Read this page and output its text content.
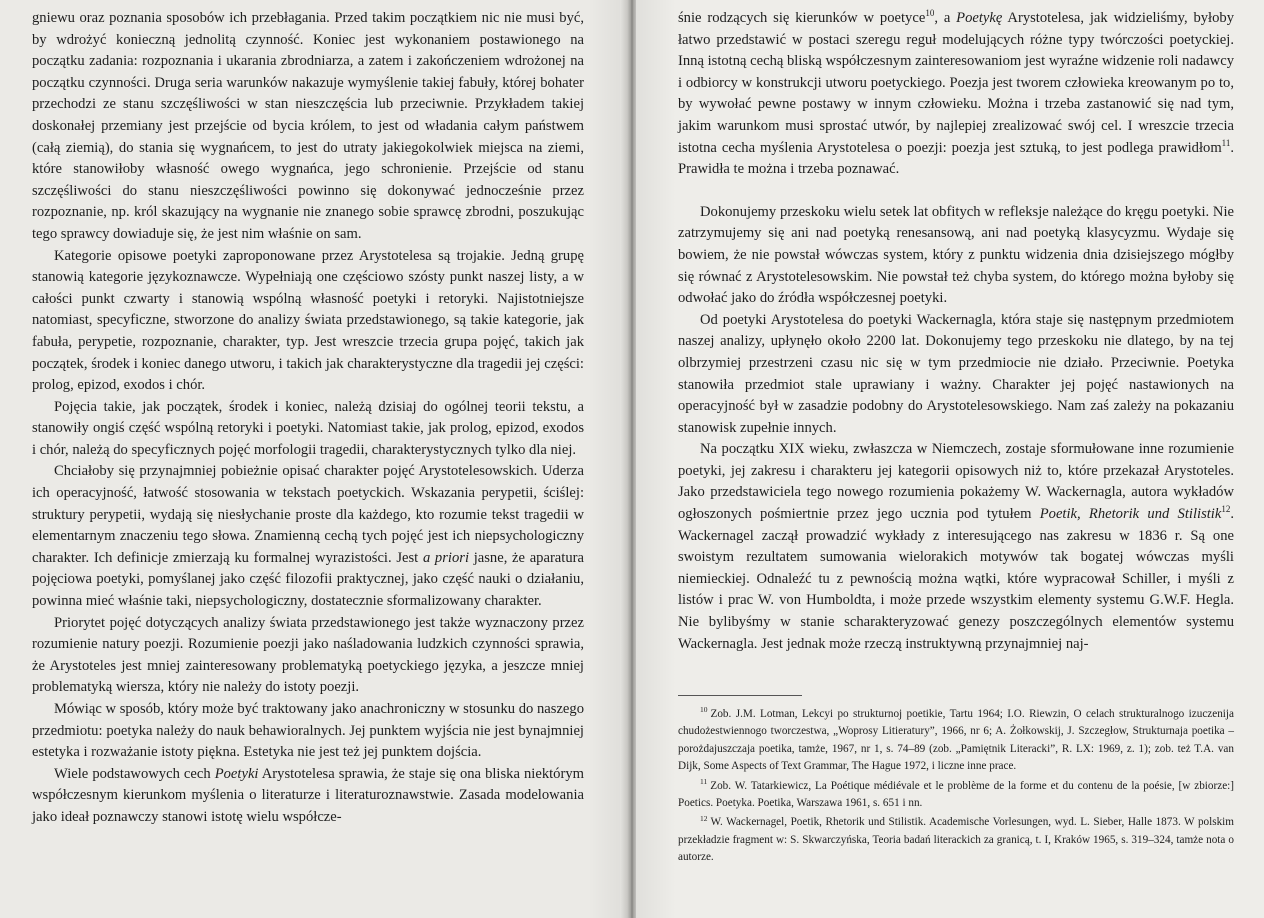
gniewu oraz poznania sposobów ich przebłagania. Przed takim początkiem nic nie musi być, by wdrożyć konieczną jednolitą czynność. Koniec jest wykonaniem postawionego na początku zadania: rozpoznania i ukarania zbrodniarza, a zatem i zakończeniem wdrożonej na początku czynności. Druga seria warunków nakazuje wymyślenie takiej fabuły, której bohater przechodzi ze stanu szczęśliwości w stan nieszczęścia lub przeciwnie. Przykładem takiej doskonałej przemiany jest przejście od bycia królem, to jest od władania całym państwem (całą ziemią), do stania się wygnańcem, to jest do utraty jakiegokolwiek miejsca na ziemi, które stanowiłoby własność owego wygnańca, jego schronienie. Przejście od stanu szczęśliwości do stanu nieszczęśliwości powinno się dokonywać jednocześnie przez rozpoznanie, np. król skazujący na wygnanie nie znanego sobie sprawcę zbrodni, poszukując tego sprawcy dowiaduje się, że jest nim właśnie on sam.

Kategorie opisowe poetyki zaproponowane przez Arystotelesa są trojakie. Jedną grupę stanowią kategorie językoznawcze. Wypełniają one częściowo szósty punkt naszej listy, a w całości punkt czwarty i stanowią wspólną własność poetyki i retoryki. Najistotniejsze natomiast, specyficzne, stworzone do analizy świata przedstawionego, są takie kategorie, jak fabuła, perypetie, rozpoznanie, charakter, typ. Jest wreszcie trzecia grupa pojęć, takich jak początek, środek i koniec danego utworu, i takich jak charakterystyczne dla tragedii jej części: prolog, epizod, exodos i chór.

Pojęcia takie, jak początek, środek i koniec, należą dzisiaj do ogólnej teorii tekstu, a stanowiły ongiś część wspólną retoryki i poetyki. Natomiast takie, jak prolog, epizod, exodos i chór, należą do specyficznych pojęć morfologii tragedii, charakterystycznych tylko dla niej.

Chciałoby się przynajmniej pobieżnie opisać charakter pojęć Arystotelesowskich. Uderza ich operacyjność, łatwość stosowania w tekstach poetyckich. Wskazania perypetii, ściślej: struktury perypetii, wydają się niesłychanie proste dla każdego, kto rozumie tekst tragedii w elementarnym znaczeniu tego słowa. Znamienną cechą tych pojęć jest ich niepsychologiczny charakter. Ich definicje zmierzają ku formalnej wyrazistości. Jest a priori jasne, że aparatura pojęciowa poetyki, pomyślanej jako część filozofii praktycznej, jako część nauki o działaniu, powinna mieć właśnie taki, niepsychologiczny, dostatecznie sformalizowany charakter.

Priorytet pojęć dotyczących analizy świata przedstawionego jest także wyznaczony przez rozumienie natury poezji. Rozumienie poezji jako naśladowania ludzkich czynności sprawia, że Arystoteles jest mniej zainteresowany problematyką poetyckiego języka, a jeszcze mniej problematyką wiersza, który nie należy do istoty poezji.

Mówiąc w sposób, który może być traktowany jako anachroniczny w stosunku do naszego przedmiotu: poetyka należy do nauk behawioralnych. Jej punktem wyjścia nie jest bynajmniej estetyka i rozważanie istoty piękna. Estetyka nie jest też jej punktem dojścia.

Wiele podstawowych cech Poetyki Arystotelesa sprawia, że staje się ona bliska niektórym współczesnym kierunkom myślenia o literaturze i literaturoznawstwie. Zasada modelowania jako ideał poznawczy stanowi istotę wielu współcze-

śnie rodzących się kierunków w poetyce$^{10}$, a Poetykę Arystotelesa, jak widzieliśmy, byłoby łatwo przedstawić w postaci szeregu reguł modelujących różne typy twórczości poetyckiej. Inną istotną cechą bliską współczesnym zainteresowaniom jest wyraźne widzenie roli nadawcy i odbiorcy w konstrukcji utworu poetyckiego. Poezja jest tworem człowieka kreowanym po to, by wywołać pewne postawy w innym człowieku. Można i trzeba zastanowić się nad tym, jakim warunkom musi sprostać utwór, by najlepiej zrealizować swój cel. I wreszcie trzecia istotna cecha myślenia Arystotelesa o poezji: poezja jest sztuką, to jest podlega prawidłom$^{11}$. Prawidła te można i trzeba poznawać.

Dokonujemy przeskoku wielu setek lat obfitych w refleksje należące do kręgu poetyki. Nie zatrzymujemy się ani nad poetyką renesansową, ani nad poetyką klasycyzmu. Wydaje się bowiem, że nie powstał wówczas system, który z punktu widzenia dnia dzisiejszego mógłby się równać z Arystotelesowskim. Nie powstał też chyba system, do którego można byłoby się odwołać jako do źródła współczesnej poetyki.

Od poetyki Arystotelesa do poetyki Wackernagla, która staje się następnym przedmiotem naszej analizy, upłynęło około 2200 lat. Dokonujemy tego przeskoku nie dlatego, by na tej olbrzymiej przestrzeni czasu nic się w tym przedmiocie nie działo. Przeciwnie. Poetyka stanowiła przedmiot stale uprawiany i ważny. Charakter jej pojęć nastawionych na operacyjność był w zasadzie podobny do Arystotelesowskiego. Nam zaś zależy na pokazaniu stanowisk zupełnie innych.

Na początku XIX wieku, zwłaszcza w Niemczech, zostaje sformułowane inne rozumienie poetyki, jej zakresu i charakteru jej kategorii opisowych niż to, które przekazał Arystoteles. Jako przedstawiciela tego nowego rozumienia pokażemy W. Wackernagla, autora wykładów ogłoszonych pośmiertnie przez jego ucznia pod tytułem Poetik, Rhetorik und Stilistik$^{12}$. Wackernagel zaczął prowadzić wykłady z interesującego nas zakresu w 1836 r. Są one swoistym rezultatem sumowania wielorakich motywów tak bogatej wówczas myśli niemieckiej. Odnaleźć tu z pewnością można wątki, które wypracował Schiller, i myśli z listów i prac W. von Humboldta, i może przede wszystkim elementy systemu G.W.F. Hegla. Nie bylibyśmy w stanie scharakteryzować genezy poszczególnych elementów systemu Wackernagla. Jest jednak może rzeczą instruktywną przynajmniej naj-

$^{10}$ Zob. J.M. Lotman, Lekcyi po strukturnoj poetikie, Tartu 1964; I.O. Riewzin, O celach strukturalnogo izuczenija chudożestwiennogo tworczestwa, „Woprosy Litieratury”, 1966, nr 6; A. Żołkowskij, J. Szczegłow, Strukturnaja poetika – porożdajuszczaja poetika, tamże, 1967, nr 1, s. 74–89 (zob. „Pamiętnik Literacki”, R. LX: 1969, z. 1); zob. też T.A. van Dijk, Some Aspects of Text Grammar, The Hague 1972, i liczne inne prace.

$^{11}$ Zob. W. Tatarkiewicz, La Poétique médiévale et le problème de la forme et du contenu de la poésie, [w zbiorze:] Poetics. Poetyka. Poetika, Warszawa 1961, s. 651 i nn.

$^{12}$ W. Wackernagel, Poetik, Rhetorik und Stilistik. Academische Vorlesungen, wyd. L. Sieber, Halle 1873. W polskim przekładzie fragment w: S. Skwarczyńska, Teoria badań literackich za granicą, t. I, Kraków 1965, s. 319–324, tamże nota o autorze.
